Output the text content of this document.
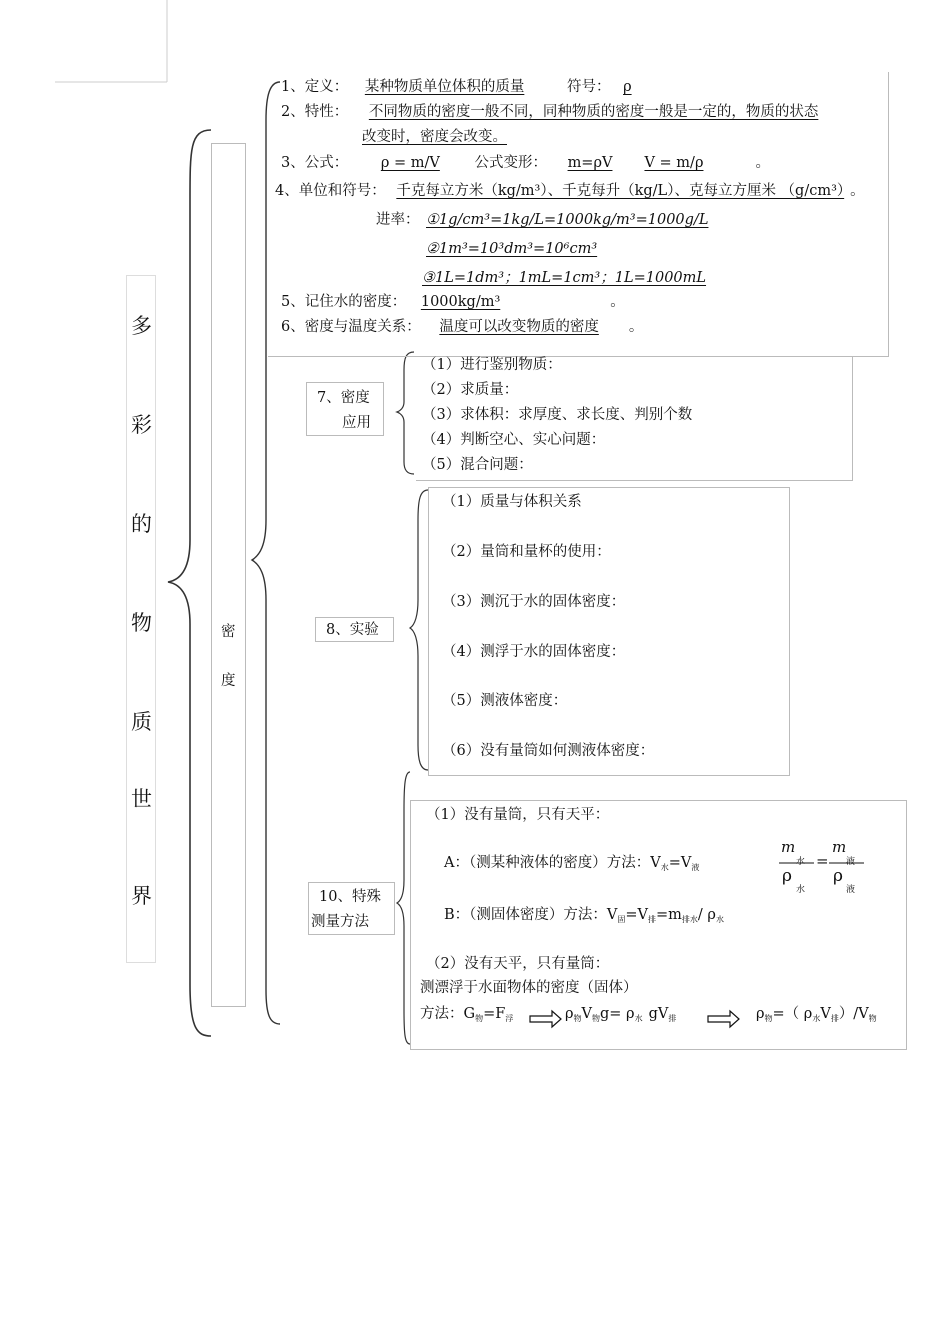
多
彩
的
物
质
世
界
密
度
1、定义： 某种物质单位体积的质量	符号： ρ
2、特性： 不同物质的密度一般不同，同种物质的密度一般是一定的，物质的状态
改变时，密度会改变。
3、公式： ρ = m/V 公式变形： m=ρV V = m/ρ	。
4、单位和符号： 千克每立方米（kg/m³）、千克每升（kg/L）、克每立方厘米 （g/cm³） 。
进率： ①1g/cm³=1kg/L=1000kg/m³=1000g/L
②1m³=10³dm³=10⁶cm³
③1L=1dm³；1mL=1cm³；1L=1000mL
5、记住水的密度： 1000kg/m³	。
6、密度与温度关系： 温度可以改变物质的密度 。
7、密度
应用
（1）进行鉴别物质：
（2）求质量：
（3）求体积：求厚度、求长度、判别个数
（4）判断空心、实心问题：
（5）混合问题：
8、实验
（1）质量与体积关系
（2）量筒和量杯的使用：
（3）测沉于水的固体密度：
（4）测浮于水的固体密度：
（5）测液体密度：
（6）没有量筒如何测液体密度：
10、特殊
测量方法
（1）没有量筒，只有天平：
A：（测某种液体的密度）方法：$V_水=V_液$
m
水
ρ
水
=
m
液
ρ
液
B：（测固体密度）方法：$V_固=V_排=m_{排水}/$ $\rho_水$
（2）没有天平，只有量筒：
测漂浮于水面物体的密度（固体）
方法：$G_物=F_浮$	$\rho_物V_物g= \rho_水$ $gV_排$	$\rho_物=$（ $\rho_水V_排)/V_物$
